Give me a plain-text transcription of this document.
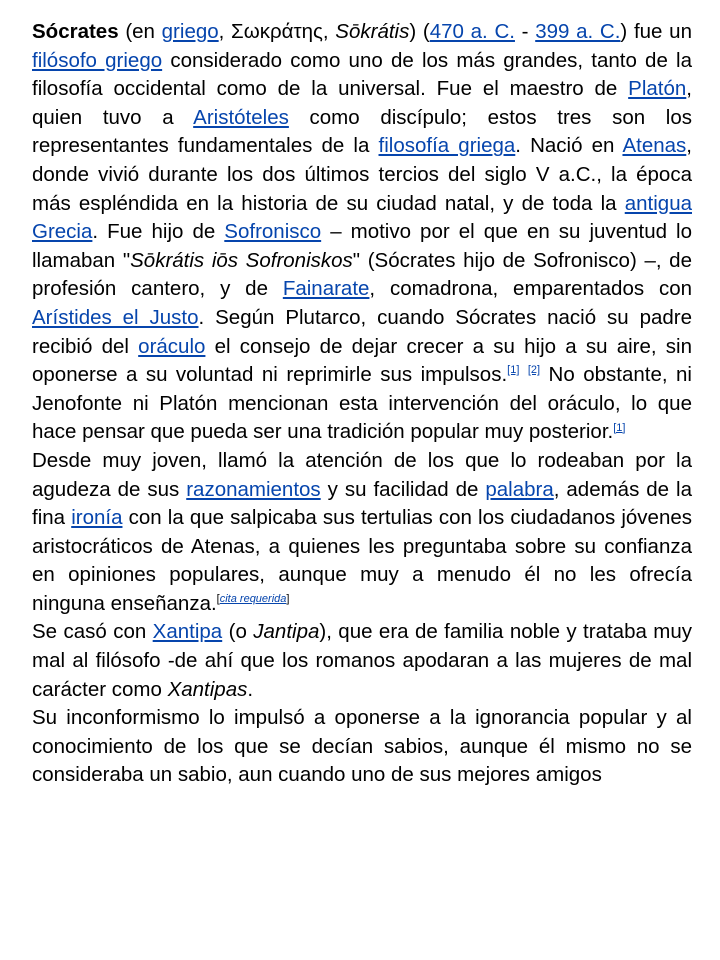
Sócrates (en griego, Σωκράτης, Sōkrátis) (470 a. C. - 399 a. C.) fue un filósofo griego considerado como uno de los más grandes, tanto de la filosofía occidental como de la universal. Fue el maestro de Platón, quien tuvo a Aristóteles como discípulo; estos tres son los representantes fundamentales de la filosofía griega. Nació en Atenas, donde vivió durante los dos últimos tercios del siglo V a.C., la época más espléndida en la historia de su ciudad natal, y de toda la antigua Grecia. Fue hijo de Sofronisco – motivo por el que en su juventud lo llamaban "Sōkrátis iōs Sofroniskos" (Sócrates hijo de Sofronisco) –, de profesión cantero, y de Fainarate, comadrona, emparentados con Arístides el Justo. Según Plutarco, cuando Sócrates nació su padre recibió del oráculo el consejo de dejar crecer a su hijo a su aire, sin oponerse a su voluntad ni reprimirle sus impulsos.[1] [2] No obstante, ni Jenofonte ni Platón mencionan esta intervención del oráculo, lo que hace pensar que pueda ser una tradición popular muy posterior.[1]

Desde muy joven, llamó la atención de los que lo rodeaban por la agudeza de sus razonamientos y su facilidad de palabra, además de la fina ironía con la que salpicaba sus tertulias con los ciudadanos jóvenes aristocráticos de Atenas, a quienes les preguntaba sobre su confianza en opiniones populares, aunque muy a menudo él no les ofrecía ninguna enseñanza.[cita requerida]

Se casó con Xantipa (o Jantipa), que era de familia noble y trataba muy mal al filósofo -de ahí que los romanos apodaran a las mujeres de mal carácter como Xantipas.

Su inconformismo lo impulsó a oponerse a la ignorancia popular y al conocimiento de los que se decían sabios, aunque él mismo no se consideraba un sabio, aun cuando uno de sus mejores amigos
